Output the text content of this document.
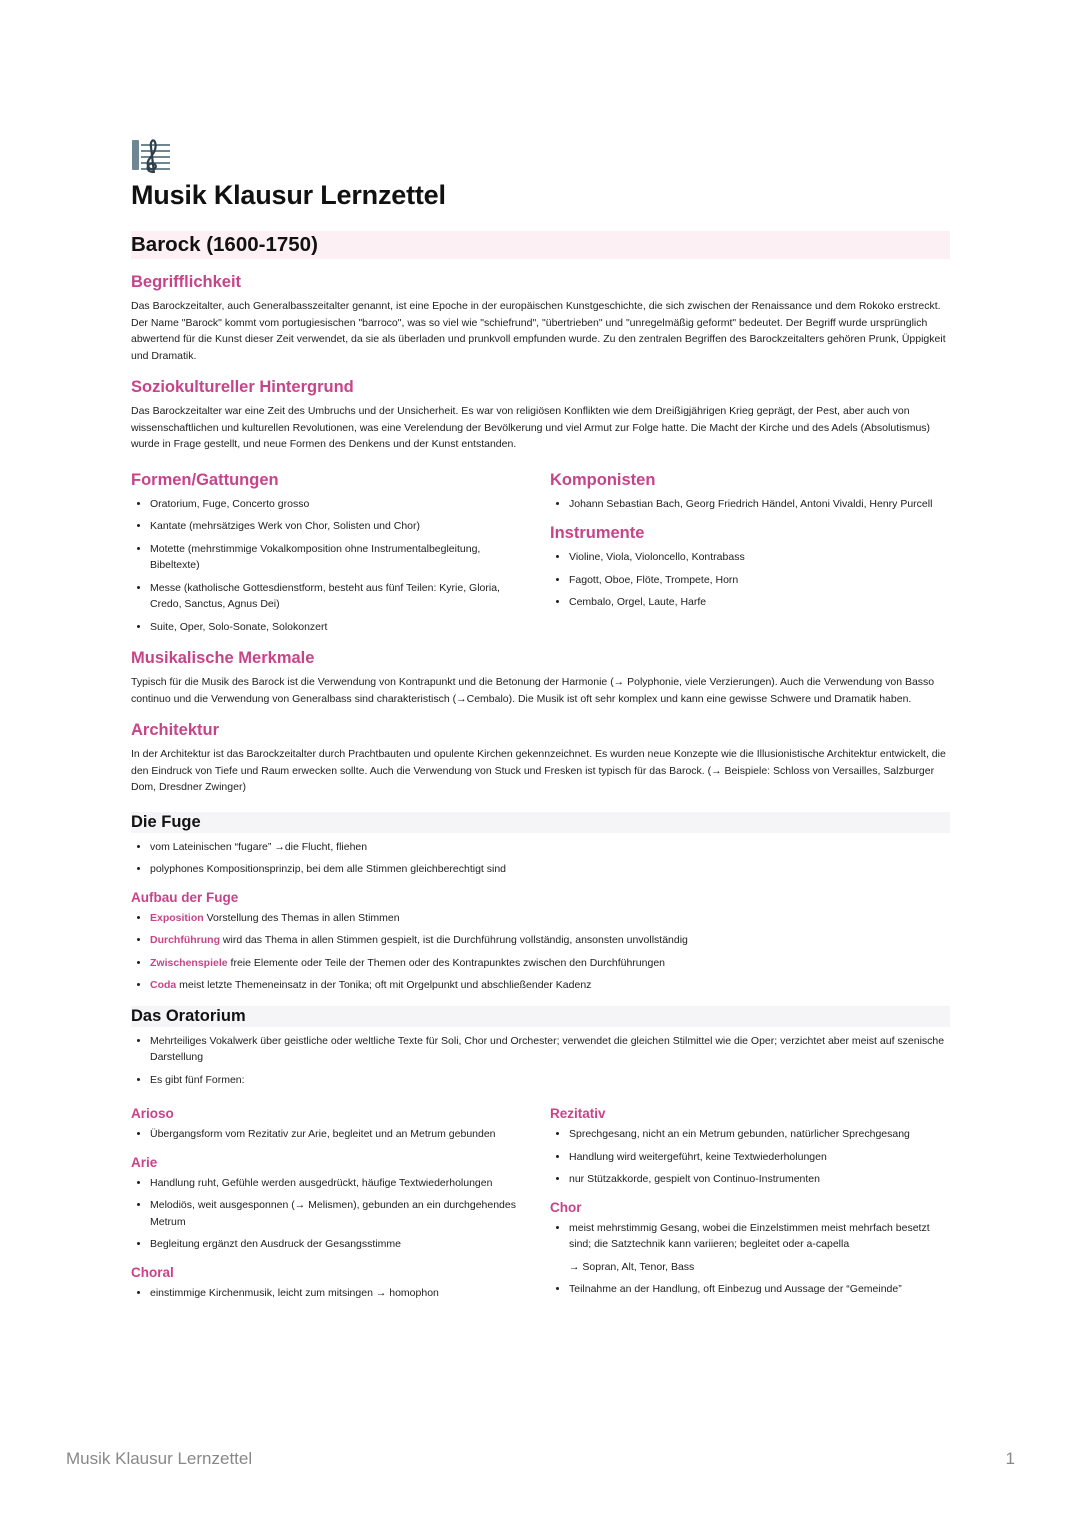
Musik Klausur Lernzettel
Barock (1600-1750)
Begrifflichkeit

Das Barockzeitalter, auch Generalbasszeitalter genannt, ist eine Epoche in der europäischen Kunstgeschichte, die sich zwischen der Renaissance und dem Rokoko erstreckt. Der Name "Barock" kommt vom portugiesischen "barroco", was so viel wie "schiefrund", "übertrieben" und "unregelmäßig geformt" bedeutet. Der Begriff wurde ursprünglich abwertend für die Kunst dieser Zeit verwendet, da sie als überladen und prunkvoll empfunden wurde. Zu den zentralen Begriffen des Barockzeitalters gehören Prunk, Üppigkeit und Dramatik.

Soziokultureller Hintergrund

Das Barockzeitalter war eine Zeit des Umbruchs und der Unsicherheit. Es war von religiösen Konflikten wie dem Dreißigjährigen Krieg geprägt, der Pest, aber auch von wissenschaftlichen und kulturellen Revolutionen, was eine Verelendung der Bevölkerung und viel Armut zur Folge hatte. Die Macht der Kirche und des Adels (Absolutismus) wurde in Frage gestellt, und neue Formen des Denkens und der Kunst entstanden.

Formen/Gattungen
• Oratorium, Fuge, Concerto grosso
• Kantate (mehrsätziges Werk von Chor, Solisten und Chor)
• Motette (mehrstimmige Vokalkomposition ohne Instrumentalbegleitung, Bibeltexte)
• Messe (katholische Gottesdienstform, besteht aus fünf Teilen: Kyrie, Gloria, Credo, Sanctus, Agnus Dei)
• Suite, Oper, Solo-Sonate, Solokonzert
Komponisten
• Johann Sebastian Bach, Georg Friedrich Händel, Antoni Vivaldi, Henry Purcell
Instrumente
• Violine, Viola, Violoncello, Kontrabass
• Fagott, Oboe, Flöte, Trompete, Horn
• Cembalo, Orgel, Laute, Harfe
Musikalische Merkmale

Typisch für die Musik des Barock ist die Verwendung von Kontrapunkt und die Betonung der Harmonie (→ Polyphonie, viele Verzierungen). Auch die Verwendung von Basso continuo und die Verwendung von Generalbass sind charakteristisch (→Cembalo). Die Musik ist oft sehr komplex und kann eine gewisse Schwere und Dramatik haben.

Architektur

In der Architektur ist das Barockzeitalter durch Prachtbauten und opulente Kirchen gekennzeichnet. Es wurden neue Konzepte wie die Illusionistische Architektur entwickelt, die den Eindruck von Tiefe und Raum erwecken sollte. Auch die Verwendung von Stuck und Fresken ist typisch für das Barock. (→ Beispiele: Schloss von Versailles, Salzburger Dom, Dresdner Zwinger)

Die Fuge
• vom Lateinischen “fugare” →die Flucht, fliehen
• polyphones Kompositionsprinzip, bei dem alle Stimmen gleichberechtigt sind
Aufbau der Fuge
• Exposition Vorstellung des Themas in allen Stimmen
• Durchführung wird das Thema in allen Stimmen gespielt, ist die Durchführung vollständig, ansonsten unvollständig
• Zwischenspiele freie Elemente oder Teile der Themen oder des Kontrapunktes zwischen den Durchführungen
• Coda meist letzte Themeneinsatz in der Tonika; oft mit Orgelpunkt und abschließender Kadenz
Das Oratorium
• Mehrteiliges Vokalwerk über geistliche oder weltliche Texte für Soli, Chor und Orchester; verwendet die gleichen Stilmittel wie die Oper; verzichtet aber meist auf szenische Darstellung
• Es gibt fünf Formen:
Arioso
• Übergangsform vom Rezitativ zur Arie, begleitet und an Metrum gebunden
Arie
• Handlung ruht, Gefühle werden ausgedrückt, häufige Textwiederholungen
• Melodiös, weit ausgesponnen (→ Melismen), gebunden an ein durchgehendes Metrum
• Begleitung ergänzt den Ausdruck der Gesangsstimme
Choral
• einstimmige Kirchenmusik, leicht zum mitsingen → homophon
Rezitativ
• Sprechgesang, nicht an ein Metrum gebunden, natürlicher Sprechgesang
• Handlung wird weitergeführt, keine Textwiederholungen
• nur Stützakkorde, gespielt von Continuo-Instrumenten
Chor
• meist mehrstimmig Gesang, wobei die Einzelstimmen meist mehrfach besetzt sind; die Satztechnik kann variieren; begleitet oder a-capella
→ Sopran, Alt, Tenor, Bass
• Teilnahme an der Handlung, oft Einbezug und Aussage der “Gemeinde”
Musik Klausur Lernzettel	1
